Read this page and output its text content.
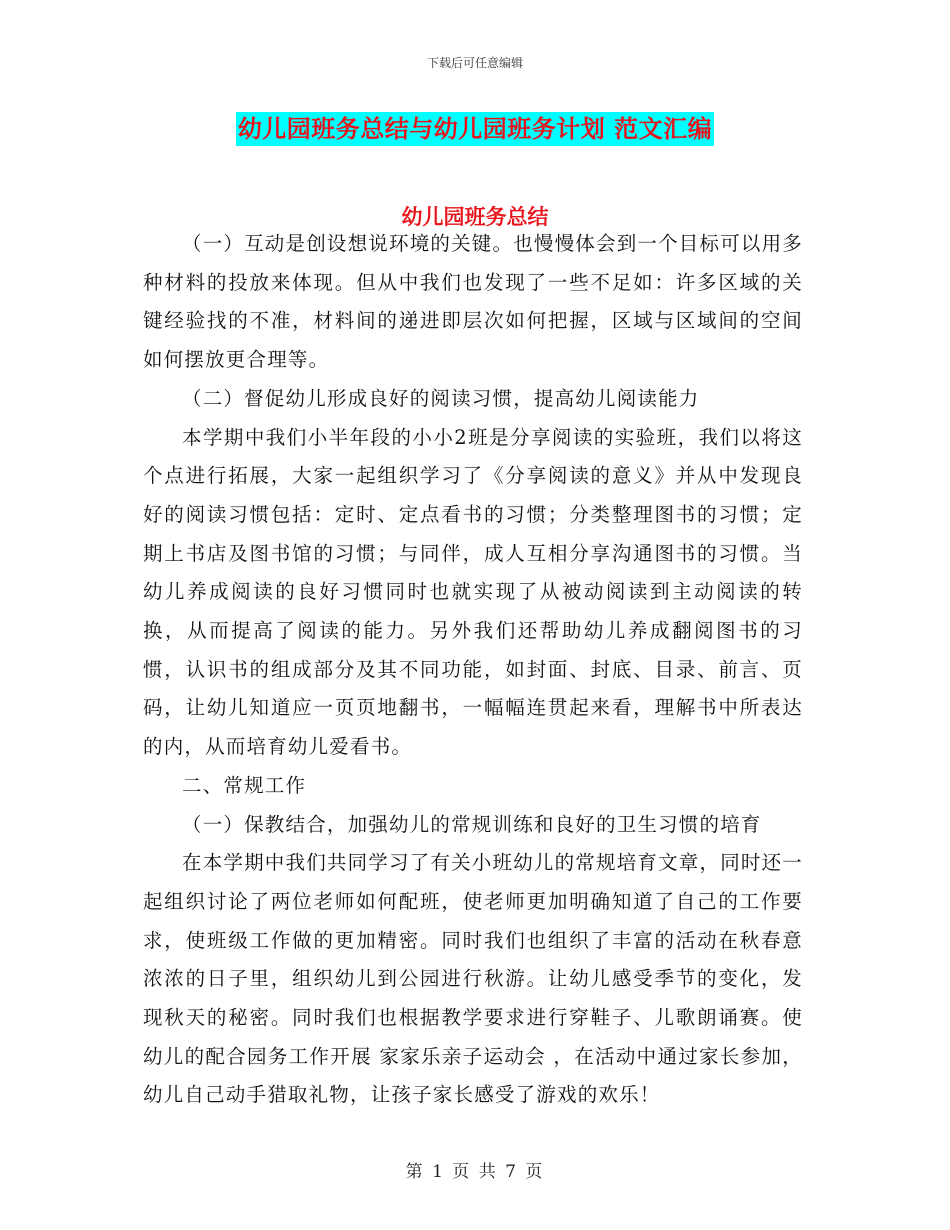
下载后可任意编辑
幼儿园班务总结与幼儿园班务计划 范文汇编
幼儿园班务总结

（一）互动是创设想说环境的关键。也慢慢体会到一个目标可以用多种材料的投放来体现。但从中我们也发现了一些不足如：许多区域的关键经验找的不准，材料间的递进即层次如何把握，区域与区域间的空间如何摆放更合理等。

（二）督促幼儿形成良好的阅读习惯，提高幼儿阅读能力

本学期中我们小半年段的小小2班是分享阅读的实验班，我们以将这个点进行拓展，大家一起组织学习了《分享阅读的意义》并从中发现良好的阅读习惯包括：定时、定点看书的习惯；分类整理图书的习惯；定期上书店及图书馆的习惯；与同伴，成人互相分享沟通图书的习惯。当幼儿养成阅读的良好习惯同时也就实现了从被动阅读到主动阅读的转换，从而提高了阅读的能力。另外我们还帮助幼儿养成翻阅图书的习惯，认识书的组成部分及其不同功能，如封面、封底、目录、前言、页码，让幼儿知道应一页页地翻书，一幅幅连贯起来看，理解书中所表达的内，从而培育幼儿爱看书。

二、常规工作

（一）保教结合，加强幼儿的常规训练和良好的卫生习惯的培育

在本学期中我们共同学习了有关小班幼儿的常规培育文章，同时还一起组织讨论了两位老师如何配班，使老师更加明确知道了自己的工作要求，使班级工作做的更加精密。同时我们也组织了丰富的活动在秋春意浓浓的日子里，组织幼儿到公园进行秋游。让幼儿感受季节的变化，发现秋天的秘密。同时我们也根据教学要求进行穿鞋子、儿歌朗诵赛。使幼儿的配合园务工作开展 家家乐亲子运动会 ，在活动中通过家长参加，幼儿自己动手猎取礼物，让孩子家长感受了游戏的欢乐！

第 1 页 共 7 页
